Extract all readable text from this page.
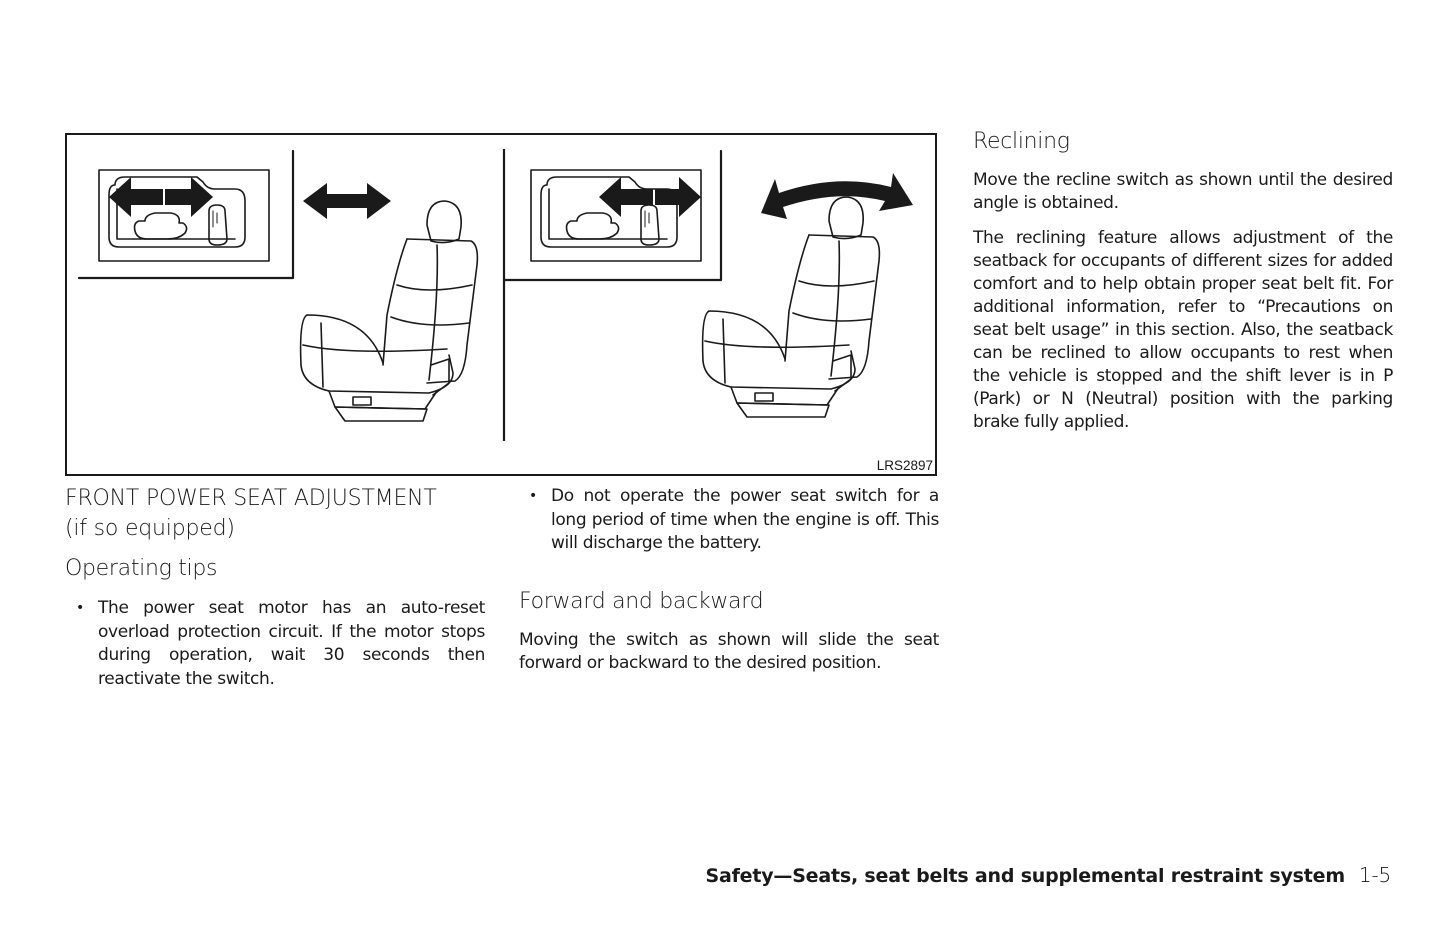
LRS2897
FRONT POWER SEAT ADJUSTMENT
(if so equipped)
Operating tips
• The power seat motor has an auto-reset overload protection circuit. If the motor stops during operation, wait 30 seconds then reactivate the switch.
• Do not operate the power seat switch for a long period of time when the engine is off. This will discharge the battery.
Forward and backward
Moving the switch as shown will slide the seat forward or backward to the desired position.
Reclining
Move the recline switch as shown until the desired angle is obtained.
The reclining feature allows adjustment of the seatback for occupants of different sizes for added comfort and to help obtain proper seat belt fit. For additional information, refer to “Precautions on seat belt usage” in this section. Also, the seatback can be reclined to allow occupants to rest when the vehicle is stopped and the shift lever is in P (Park) or N (Neutral) position with the parking brake fully applied.
Safety—Seats, seat belts and supplemental restraint system 1-5
